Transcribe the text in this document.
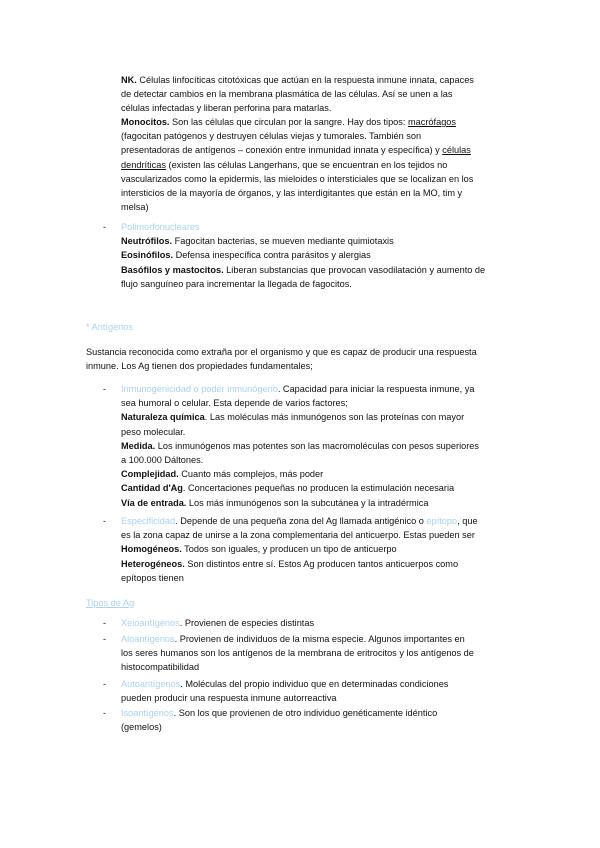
NK. Células linfocíticas citotóxicas que actúan en la respuesta inmune innata, capaces

de detectar cambios en la membrana plasmática de las células. Así se unen a las

células infectadas y liberan perforina para matarlas.

Monocitos. Son las células que circulan por la sangre. Hay dos tipos: macrófagos

(fagocitan patógenos y destruyen células viejas y tumorales. También son

presentadoras de antígenos – conexión entre inmunidad innata y específica) y células

dendríticas (existen las células Langerhans, que se encuentran en los tejidos no

vascularizados como la epidermis, las mieloides o intersticiales que se localizan en los

intersticios de la mayoría de órganos, y las interdigitantes que están en la MO, tim y

melsa)

- Polimorfonucleares

Neutrófilos. Fagocitan bacterias, se mueven mediante quimiotaxis

Eosinófilos. Defensa inespecífica contra parásitos y alergias

Basófilos y mastocitos. Liberan substancias que provocan vasodilatación y aumento de

flujo sanguíneo para incrementar la llegada de fagocitos.

* Antígenos

Sustancia reconocida como extraña por el organismo y que es capaz de producir una respuesta

inmune. Los Ag tienen dos propiedades fundamentales;

- Inmunogenicidad o poder inmunógeno. Capacidad para iniciar la respuesta inmune, ya

sea humoral o celular. Esta depende de varios factores;

Naturaleza química. Las moléculas más inmunógenos son las proteínas con mayor

peso molecular.

Medida. Los inmunógenos mas potentes son las macromoléculas con pesos superiores

a 100.000 Dáltones.

Complejidad. Cuanto más complejos, más poder

Cantidad d'Ag. Concertaciones pequeñas no producen la estimulación necesaria

Vía de entrada. Los más inmunógenos son la subcutánea y la intradérmica

- Especificidad. Depende de una pequeña zona del Ag llamada antigénico o epítopo, que

es la zona capaz de unirse a la zona complementaria del anticuerpo. Estas pueden ser

Homogéneos. Todos son iguales, y producen un tipo de anticuerpo

Heterogéneos. Son distintos entre sí. Estos Ag producen tantos anticuerpos como

epítopos tienen

Tipos de Ag
- Xeloantígenos. Provienen de especies distintas

- Aloantígenos. Provienen de individuos de la misma especie. Algunos importantes en

los seres humanos son los antígenos de la membrana de eritrocitos y los antígenos de

histocompatibilidad

- Autoantígenos. Moléculas del propio individuo que en determinadas condiciones

pueden producir una respuesta inmune autorreactiva

- Isoantígenos. Son los que provienen de otro individuo genéticamente idéntico

(gemelos)
